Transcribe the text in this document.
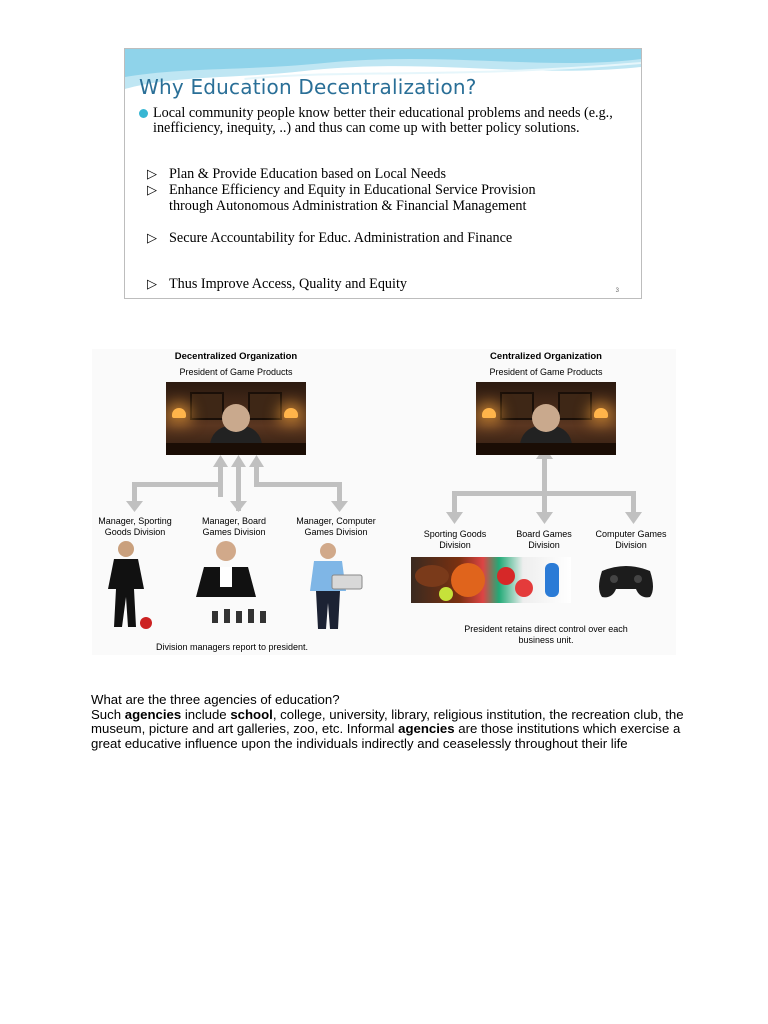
Why Education Decentralization?
Local community people know better their educational problems and needs (e.g., inefficiency, inequity, ..) and thus can come up with better policy solutions.
▷ Plan & Provide Education based on Local Needs
▷ Enhance Efficiency and Equity in Educational Service Provision through Autonomous Administration & Financial Management
▷ Secure Accountability for Educ. Administration and Finance
▷ Thus Improve Access, Quality and Equity	3
Decentralized Organization
President of Game Products
Manager, Sporting Goods Division
Manager, Board Games Division
Manager, Computer Games Division
Division managers report to president.
Centralized Organization
President of Game Products
Sporting Goods Division
Board Games Division
Computer Games Division
President retains direct control over each business unit.

What are the three agencies of education?

Such agencies include school, college, university, library, religious institution, the recreation club, the museum, picture and art galleries, zoo, etc. Informal agencies are those institutions which exercise a great educative influence upon the individuals indirectly and ceaselessly throughout their life
